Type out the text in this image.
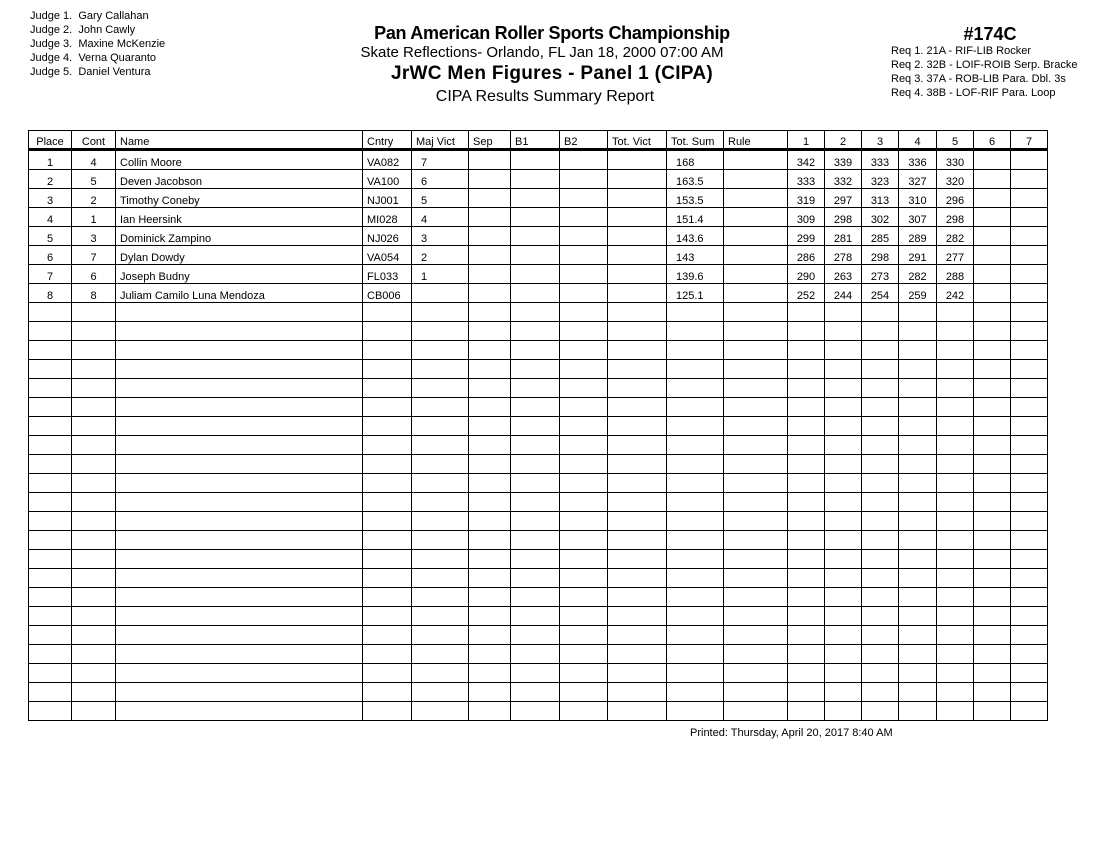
Judge 1. Gary Callahan
Judge 2. John Cawly
Judge 3. Maxine McKenzie
Judge 4. Verna Quaranto
Judge 5. Daniel Ventura
Pan American Roller Sports Championship
Skate Reflections- Orlando, FL Jan 18, 2000 07:00 AM
JrWC Men Figures - Panel 1 (CIPA)
CIPA Results Summary Report
#174C
Req 1. 21A - RIF-LIB Rocker
Req 2. 32B - LOIF-ROIB Serp. Bracke
Req 3. 37A - ROB-LIB Para. Dbl. 3s
Req 4. 38B - LOF-RIF Para. Loop
Place	Cont	Name	Cntry	Maj Vict	Sep	B1	B2	Tot. Vict	Tot. Sum	Rule	1	2	3	4	5	6	7
1	4	Collin Moore	VA082	7					168		342	339	333	336	330		
2	5	Deven Jacobson	VA100	6					163.5		333	332	323	327	320		
3	2	Timothy Coneby	NJ001	5					153.5		319	297	313	310	296		
4	1	Ian Heersink	MI028	4					151.4		309	298	302	307	298		
5	3	Dominick Zampino	NJ026	3					143.6		299	281	285	289	282		
6	7	Dylan Dowdy	VA054	2					143		286	278	298	291	277		
7	6	Joseph Budny	FL033	1					139.6		290	263	273	282	288		
8	8	Juliam Camilo Luna Mendoza	CB006						125.1		252	244	254	259	242		

Printed: Thursday, April 20, 2017 8:40 AM
